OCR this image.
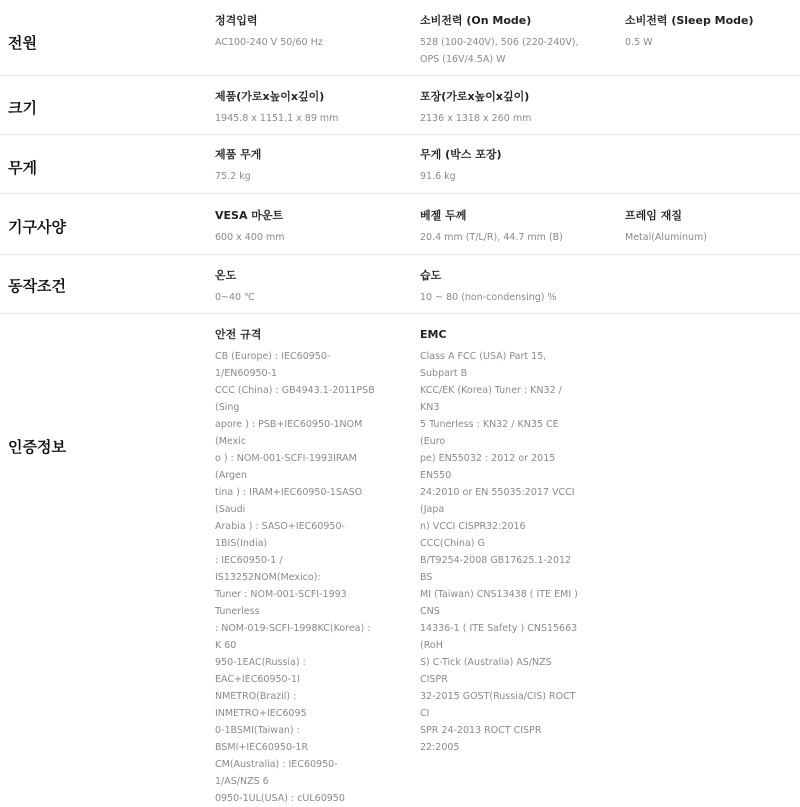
전원
정격입력
AC100-240 V 50/60 Hz
소비전력 (On Mode)
528 (100-240V), 506 (220-240V), OPS (16V/4.5A) W
소비전력 (Sleep Mode)
0.5 W
크기
제품(가로x높이x깊이)
1945.8 x 1151.1 x 89 mm
포장(가로x높이x깊이)
2136 x 1318 x 260 mm
무게
제품 무게
75.2 kg
무게 (박스 포장)
91.6 kg
기구사양
VESA 마운트
600 x 400 mm
베젤 두께
20.4 mm (T/L/R), 44.7 mm (B)
프레임 재질
Metal(Aluminum)
동작조건
온도
0~40 ℃
습도
10 ~ 80 (non-condensing) %
인증정보
안전 규격
CB (Europe) : IEC60950-1/EN60950-1
CCC (China) : GB4943.1-2011PSB (Sing
apore ) : PSB+IEC60950-1NOM (Mexic
o ) : NOM-001-SCFI-1993IRAM (Argen
tina ) : IRAM+IEC60950-1SASO (Saudi
Arabia ) : SASO+IEC60950-1BIS(India)
: IEC60950-1 / IS13252NOM(Mexico):
Tuner : NOM-001-SCFI-1993 Tunerless
: NOM-019-SCFI-1998KC(Korea) : K 60
950-1EAC(Russia) : EAC+IEC60950-1I
NMETRO(Brazil) : INMETRO+IEC6095
0-1BSMI(Taiwan) : BSMI+IEC60950-1R
CM(Australia) : IEC60950-1/AS/NZS 6
0950-1UL(USA) : cUL60950
EMC
Class A FCC (USA) Part 15, Subpart B
KCC/EK (Korea) Tuner : KN32 / KN3
5 Tunerless : KN32 / KN35 CE (Euro
pe) EN55032 : 2012 or 2015 EN550
24:2010 or EN 55035:2017 VCCI (Japa
n) VCCI CISPR32:2016 CCC(China) G
B/T9254-2008 GB17625.1-2012 BS
MI (Taiwan) CNS13438 ( ITE EMI ) CNS
14336-1 ( ITE Safety ) CNS15663 (RoH
S) C-Tick (Australia) AS/NZS CISPR
32-2015 GOST(Russia/CIS) ROCT CI
SPR 24-2013 ROCT CISPR 22:2005
